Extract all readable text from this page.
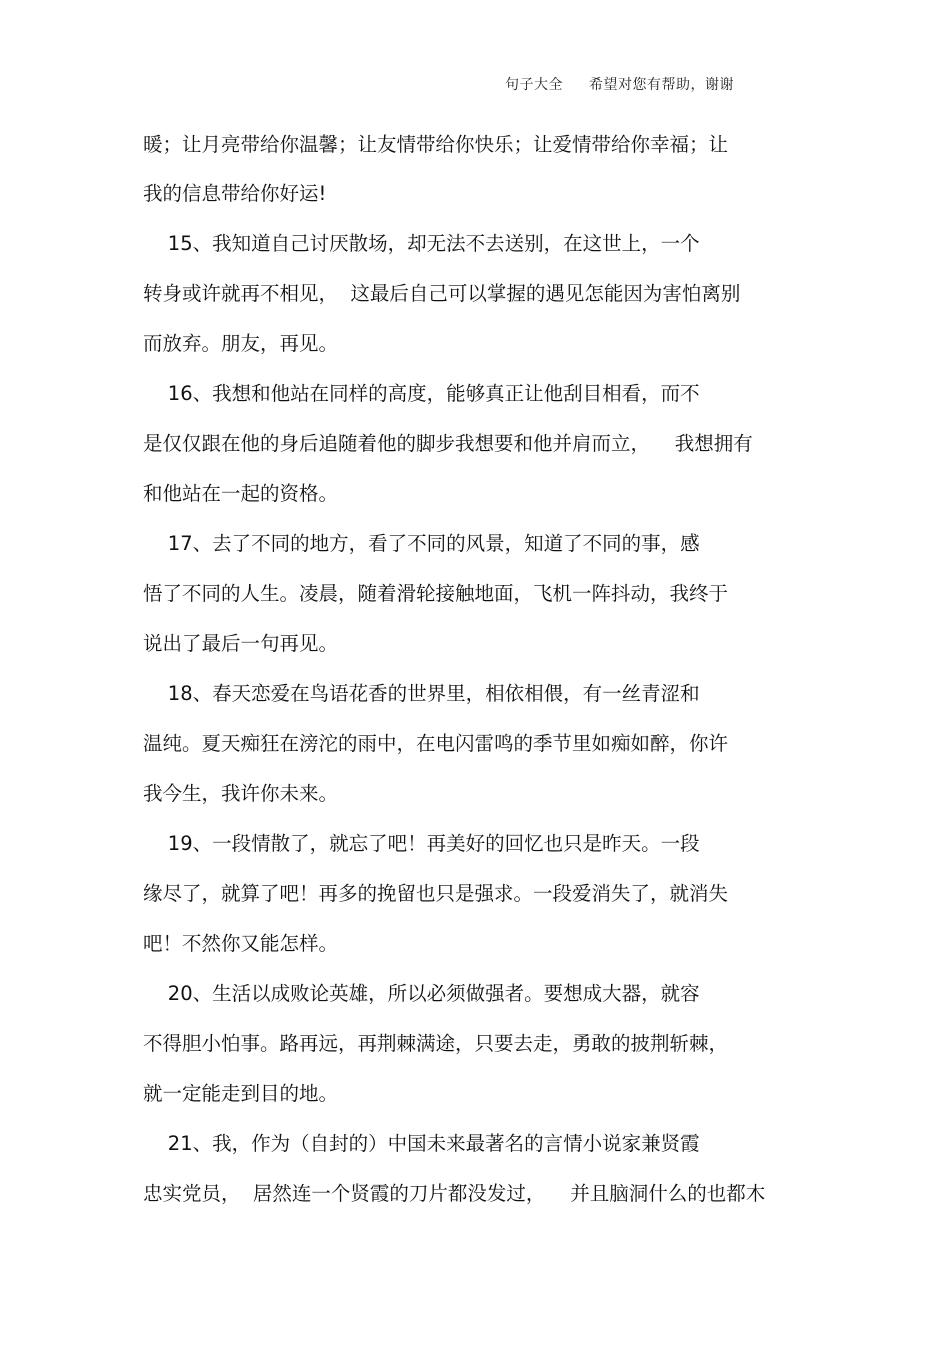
句子大全 希望对您有帮助，谢谢
暖；让月亮带给你温馨；让友情带给你快乐；让爱情带给你幸福；让
我的信息带给你好运!
15、我知道自己讨厌散场，却无法不去送别，在这世上，一个
转身或许就再不相见，  这最后自己可以掌握的遇见怎能因为害怕离别
而放弃。朋友，再见。
16、我想和他站在同样的高度，能够真正让他刮目相看，而不
是仅仅跟在他的身后追随着他的脚步我想要和他并肩而立，    我想拥有
和他站在一起的资格。
17、去了不同的地方，看了不同的风景，知道了不同的事，感
悟了不同的人生。凌晨，随着滑轮接触地面，飞机一阵抖动，我终于
说出了最后一句再见。
18、春天恋爱在鸟语花香的世界里，相依相偎，有一丝青涩和
温纯。夏天痴狂在滂沱的雨中，在电闪雷鸣的季节里如痴如醉，你许
我今生，我许你未来。
19、一段情散了，就忘了吧！再美好的回忆也只是昨天。一段
缘尽了，就算了吧！再多的挽留也只是强求。一段爱消失了，就消失
吧！不然你又能怎样。
20、生活以成败论英雄，所以必须做强者。要想成大器，就容
不得胆小怕事。路再远，再荆棘满途，只要去走，勇敢的披荆斩棘，
就一定能走到目的地。
21、我，作为（自封的）中国未来最著名的言情小说家兼贤霞
忠实党员，  居然连一个贤霞的刀片都没发过，    并且脑洞什么的也都木
